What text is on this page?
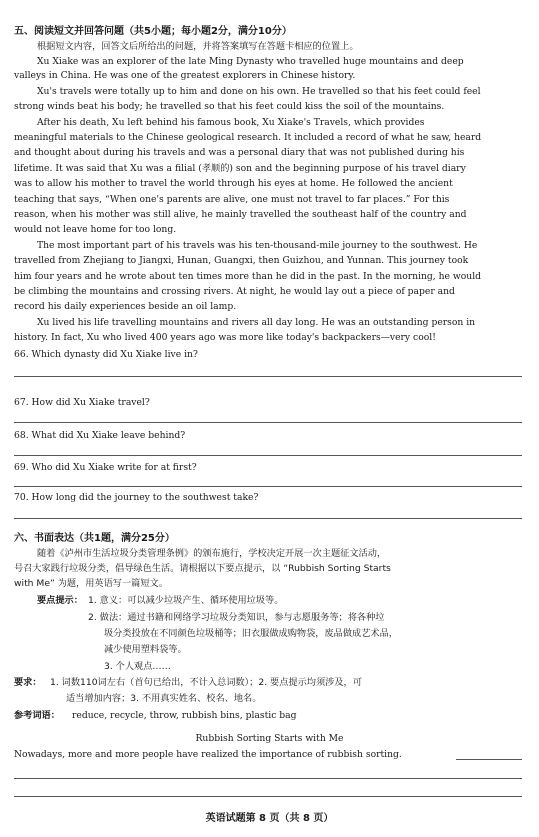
五、阅读短文并回答问题（共5小题；每小题2分，满分10分）
根据短文内容，回答文后所给出的问题，并将答案填写在答题卡相应的位置上。
Xu Xiake was an explorer of the late Ming Dynasty who travelled huge mountains and deep
valleys in China. He was one of the greatest explorers in Chinese history.
Xu's travels were totally up to him and done on his own. He travelled so that his feet could feel
strong winds beat his body; he travelled so that his feet could kiss the soil of the mountains.
After his death, Xu left behind his famous book, Xu Xiake's Travels, which provides
meaningful materials to the Chinese geological research. It included a record of what he saw, heard
and thought about during his travels and was a personal diary that was not published during his
lifetime. It was said that Xu was a filial (孝顺的) son and the beginning purpose of his travel diary
was to allow his mother to travel the world through his eyes at home. He followed the ancient
teaching that says, “When one's parents are alive, one must not travel to far places.” For this
reason, when his mother was still alive, he mainly travelled the southeast half of the country and
would not leave home for too long.
The most important part of his travels was his ten-thousand-mile journey to the southwest. He
travelled from Zhejiang to Jiangxi, Hunan, Guangxi, then Guizhou, and Yunnan. This journey took
him four years and he wrote about ten times more than he did in the past. In the morning, he would
be climbing the mountains and crossing rivers. At night, he would lay out a piece of paper and
record his daily experiences beside an oil lamp.
Xu lived his life travelling mountains and rivers all day long. He was an outstanding person in
history. In fact, Xu who lived 400 years ago was more like today's backpackers—very cool!
66. Which dynasty did Xu Xiake live in?
67. How did Xu Xiake travel?
68. What did Xu Xiake leave behind?
69. Who did Xu Xiake write for at first?
70. How long did the journey to the southwest take?
六、书面表达（共1题，满分25分）
随着《泸州市生活垃圾分类管理条例》的颁布施行，学校决定开展一次主题征文活动，
号召大家践行垃圾分类，倡导绿色生活。请根据以下要点提示，以 “Rubbish Sorting Starts
with Me” 为题，用英语写一篇短文。
要点提示： 1. 意义：可以减少垃圾产生、循环使用垃圾等。
2. 做法：通过书籍和网络学习垃圾分类知识，参与志愿服务等；将各种垃
圾分类投放在不同颜色垃圾桶等；旧衣服做成购物袋，废品做成艺术品，
减少使用塑料袋等。
3. 个人观点……
要求： 1. 词数110词左右（首句已给出，不计入总词数）；2. 要点提示均须涉及，可
适当增加内容；3. 不用真实姓名、校名、地名。
参考词语： reduce, recycle, throw, rubbish bins, plastic bag
Rubbish Sorting Starts with Me
Nowadays, more and more people have realized the importance of rubbish sorting.
英语试题第 8 页（共 8 页）
